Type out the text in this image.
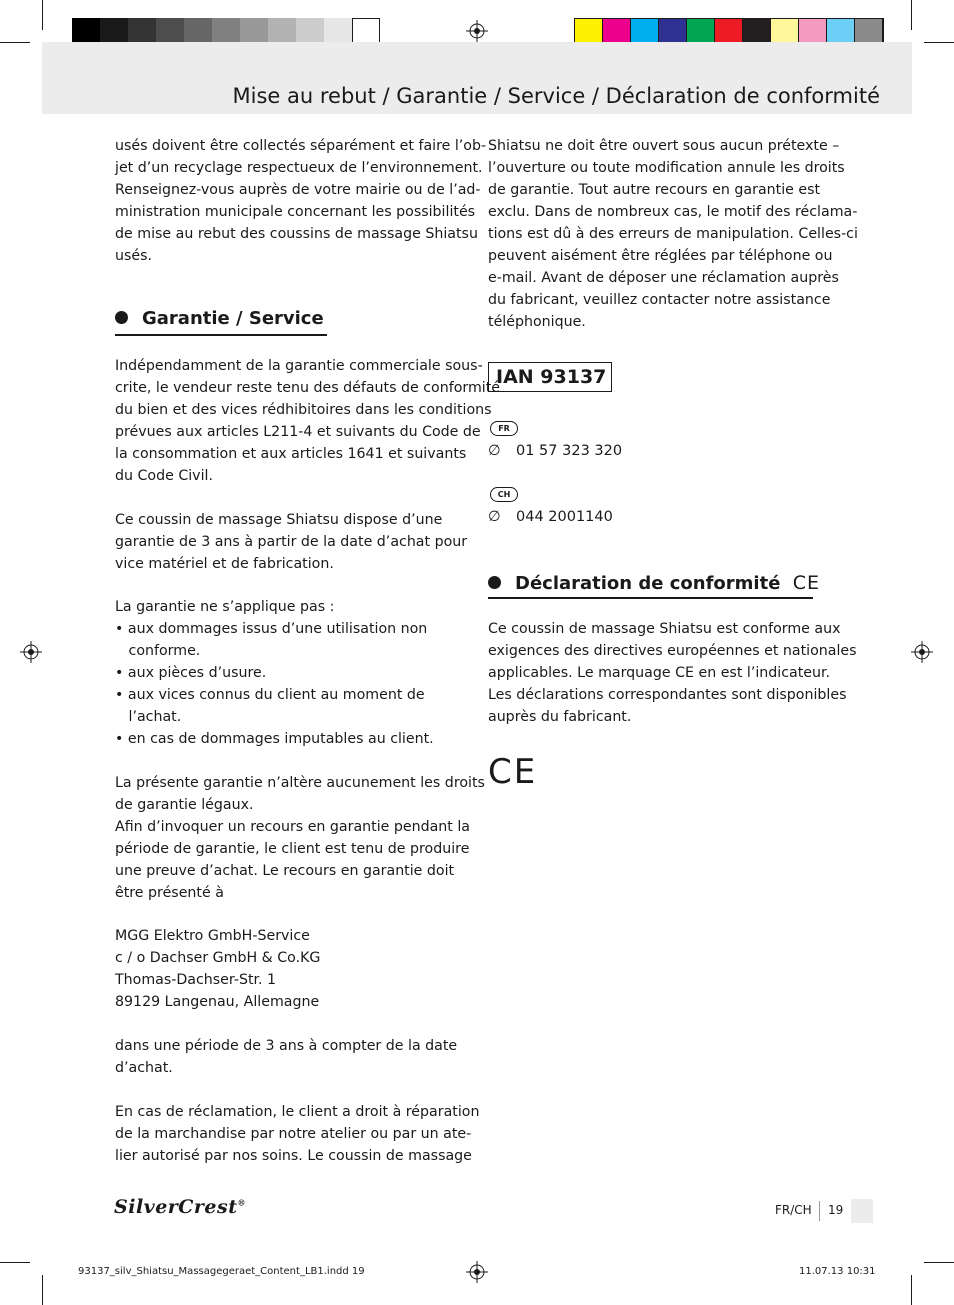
Mise au rebut / Garantie / Service / Déclaration de conformité

usés doivent être collectés séparément et faire l’ob-

jet d’un recyclage respectueux de l’environnement.

Renseignez-vous auprès de votre mairie ou de l’ad-

ministration municipale concernant les possibilités

de mise au rebut des coussins de massage Shiatsu

usés.

Garantie / Service

Indépendamment de la garantie commerciale sous-

crite, le vendeur reste tenu des défauts de conformité

du bien et des vices rédhibitoires dans les conditions

prévues aux articles L211-4 et suivants du Code de

la consommation et aux articles 1641 et suivants

du Code Civil.

Ce coussin de massage Shiatsu dispose d’une

garantie de 3 ans à partir de la date d’achat pour

vice matériel et de fabrication.

La garantie ne s’applique pas :

• aux dommages issus d’une utilisation non

conforme.

• aux pièces d’usure.

• aux vices connus du client au moment de

l’achat.

• en cas de dommages imputables au client.

La présente garantie n’altère aucunement les droits

de garantie légaux.

Afin d’invoquer un recours en garantie pendant la

période de garantie, le client est tenu de produire

une preuve d’achat. Le recours en garantie doit

être présenté à

MGG Elektro GmbH-Service

c / o Dachser GmbH & Co.KG

Thomas-Dachser-Str. 1

89129 Langenau, Allemagne

dans une période de 3 ans à compter de la date

d’achat.

En cas de réclamation, le client a droit à réparation

de la marchandise par notre atelier ou par un ate-

lier autorisé par nos soins. Le coussin de massage

Shiatsu ne doit être ouvert sous aucun prétexte –

l’ouverture ou toute modification annule les droits

de garantie. Tout autre recours en garantie est

exclu. Dans de nombreux cas, le motif des réclama-

tions est dû à des erreurs de manipulation. Celles-ci

peuvent aisément être réglées par téléphone ou

e-mail. Avant de déposer une réclamation auprès

du fabricant, veuillez contacter notre assistance

téléphonique.

IAN 93137
FR
∅ 01 57 323 320
CH
∅ 044 2001140
Déclaration de conformité CE

Ce coussin de massage Shiatsu est conforme aux

exigences des directives européennes et nationales

applicables. Le marquage CE en est l’indicateur.

Les déclarations correspondantes sont disponibles

auprès du fabricant.

CE
SilverCrest®
FR/CH 19
93137_silv_Shiatsu_Massagegeraet_Content_LB1.indd 19	11.07.13 10:31
